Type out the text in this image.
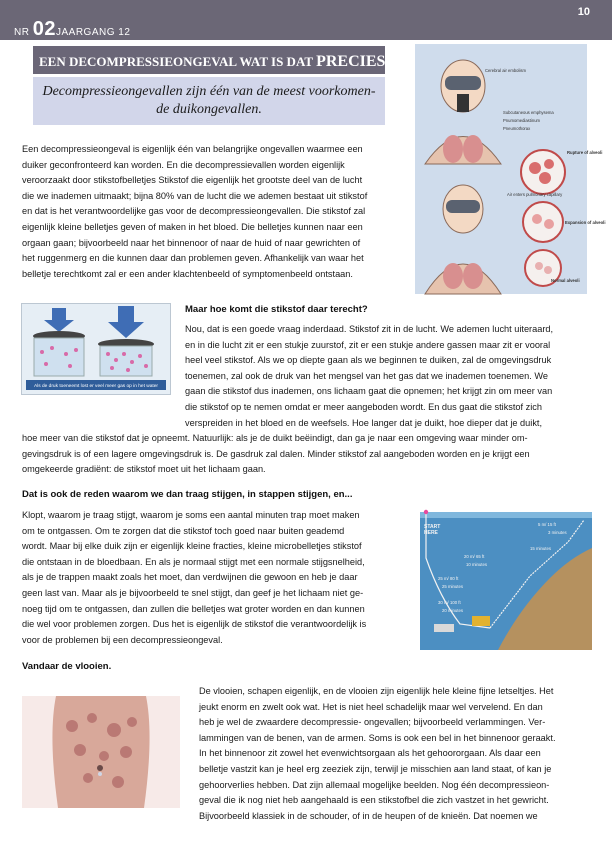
NR 02JAARGANG 12
10
EEN DECOMPRESSIEONGEVAL WAT IS DAT PRECIES?
Decompressieongevallen zijn één van de meest voorkomen-
de duikongevallen.
Een decompressieongeval is eigenlijk één van belangrijke ongevallen waarmee een
duiker geconfronteerd kan worden. En die decompressievallen worden eigenlijk
veroorzaakt door stikstofbelletjes Stikstof die eigenlijk het grootste deel van de lucht
die we inademen uitmaakt; bijna 80% van de lucht die we ademen bestaat uit stikstof
en dat is het verantwoordelijke gas voor de decompressieongevallen. Die stikstof zal
eigenlijk kleine belletjes geven of maken in het bloed. Die belletjes kunnen naar een
orgaan gaan; bijvoorbeeld naar het binnenoor of naar de huid of naar gewrichten of
het ruggenmerg en die kunnen daar dan problemen geven. Afhankelijk van waar het
belletje terechtkomt zal er een ander klachtenbeeld of symptomenbeeld ontstaan.
Cerebral air embolism
Subcutaneous emphysema
Pnumomediastinum
Pneumothorax
Rupture of alveoli
Air enters pulmonary capillary
Expansion of alveoli
Normal alveoli
Als de druk toeneemt lost er veel meer gas op in het water
Maar hoe komt die stikstof daar terecht?
Nou, dat is een goede vraag inderdaad. Stikstof zit in de lucht. We ademen lucht uiteraard,
en in die lucht zit er een stukje zuurstof, zit er een stukje andere gassen maar zit er vooral
heel veel stikstof. Als we op diepte gaan als we beginnen te duiken, zal de omgevingsdruk
toenemen, zal ook de druk van het mengsel van het gas dat we inademen toenemen. We
gaan die stikstof dus inademen, ons lichaam gaat die opnemen; het krijgt zin om meer van
die stikstof op te nemen omdat er meer aangeboden wordt. En dus gaat die stikstof zich
verspreiden in het bloed en de weefsels. Hoe langer dat je duikt, hoe dieper dat je duikt,
hoe meer van die stikstof dat je opneemt. Natuurlijk: als je de duikt beëindigt, dan ga je naar een omgeving waar minder om-
gevingsdruk is of een lagere omgevingsdruk is. De gasdruk zal dalen. Minder stikstof zal aangeboden worden en je krijgt een
omgekeerde gradiënt: de stikstof moet uit het lichaam gaan.
Dat is ook de reden waarom we dan traag stijgen, in stappen stijgen, en...
Klopt, waarom je traag stijgt, waarom je soms een aantal minuten trap moet maken
om te ontgassen. Om te zorgen dat die stikstof toch goed naar buiten geademd
wordt. Maar bij elke duik zijn er eigenlijk kleine fracties, kleine microbelletjes stikstof
die ontstaan in de bloedbaan. En als je normaal stijgt met een normale stijgsnelheid,
als je de trappen maakt zoals het moet, dan verdwijnen die gewoon en heb je daar
geen last van. Maar als je bijvoorbeeld te snel stijgt, dan geef je het lichaam niet ge-
noeg tijd om te ontgassen, dan zullen die belletjes wat groter worden en dan kunnen
die wel voor problemen zorgen. Dus het is eigenlijk de stikstof die verantwoordelijk is
voor de problemen bij een decompressieongeval.
START
HERE
5 m/ 15 ft
3 minutes
15 minutes
20 m/ 65 ft
10 minutes
25 m/ 80 ft
25 minutes
30 m/ 100 ft
20 minutes
Vandaar de vlooien.
De vlooien, schapen eigenlijk, en de vlooien zijn eigenlijk hele kleine fijne letseltjes. Het
jeukt enorm en zwelt ook wat. Het is niet heel schadelijk maar wel vervelend. En dan
heb je wel de zwaardere decompressie- ongevallen; bijvoorbeeld verlammingen. Ver-
lammingen van de benen, van de armen. Soms is ook een bel in het binnenoor geraakt.
In het binnenoor zit zowel het evenwichtsorgaan als het gehoororgaan. Als daar een
belletje vastzit kan je heel erg zeeziek zijn, terwijl je misschien aan land staat, of kan je
gehoorverlies hebben. Dat zijn allemaal mogelijke beelden. Nog één decompressieon-
geval die ik nog niet heb aangehaald is een stikstofbel die zich vastzet in het gewricht.
Bijvoorbeeld klassiek in de schouder, of in de heupen of de knieën. Dat noemen we
